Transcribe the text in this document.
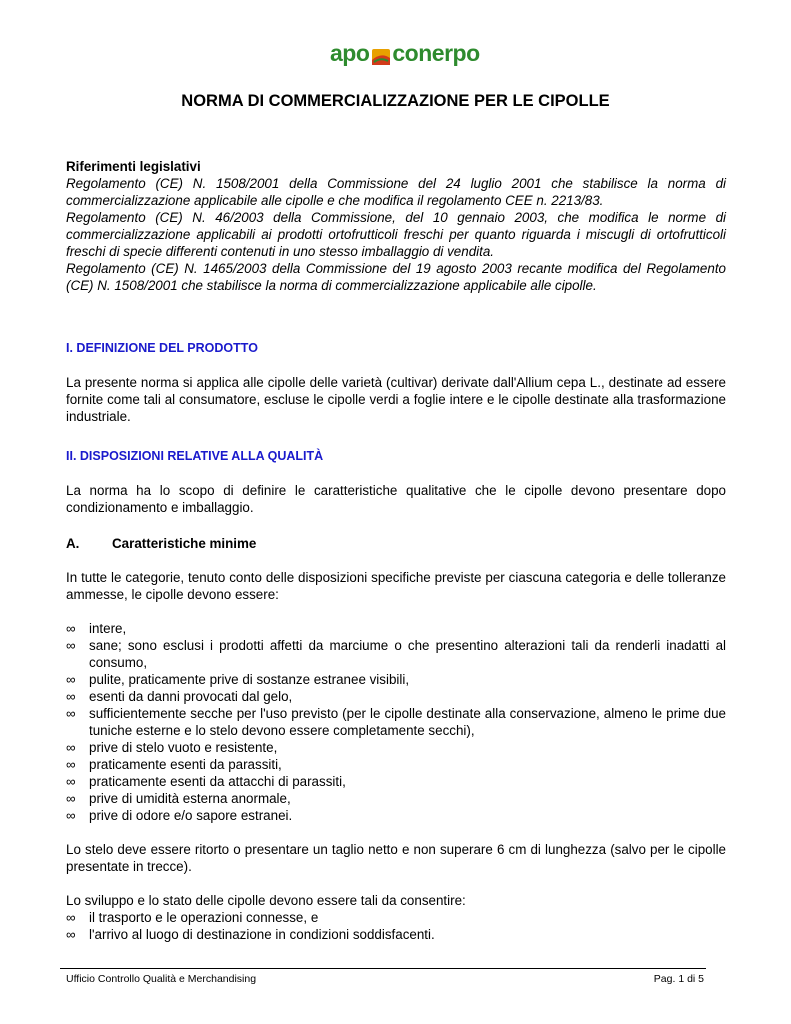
apo conerpo
NORMA DI COMMERCIALIZZAZIONE PER LE CIPOLLE

Riferimenti legislativi

Regolamento (CE) N. 1508/2001 della Commissione del 24 luglio 2001 che stabilisce la norma di commercializzazione applicabile alle cipolle e che modifica il regolamento CEE n. 2213/83.
Regolamento (CE) N. 46/2003 della Commissione, del 10 gennaio 2003, che modifica le norme di commercializzazione applicabili ai prodotti ortofrutticoli freschi per quanto riguarda i miscugli di ortofrutticoli freschi di specie differenti contenuti in uno stesso imballaggio di vendita.
Regolamento (CE) N. 1465/2003 della Commissione del 19 agosto 2003 recante modifica del Regolamento (CE) N. 1508/2001 che stabilisce la norma di commercializzazione applicabile alle cipolle.

I. DEFINIZIONE DEL PRODOTTO

La presente norma si applica alle cipolle delle varietà (cultivar) derivate dall'Allium cepa L., destinate ad essere fornite come tali al consumatore, escluse le cipolle verdi a foglie intere e le cipolle destinate alla trasformazione industriale.

II. DISPOSIZIONI RELATIVE ALLA QUALITÀ

La norma ha lo scopo di definire le caratteristiche qualitative che le cipolle devono presentare dopo condizionamento e imballaggio.

A.	Caratteristiche minime

In tutte le categorie, tenuto conto delle disposizioni specifiche previste per ciascuna categoria e delle tolleranze ammesse, le cipolle devono essere:

∞ intere,
∞ sane; sono esclusi i prodotti affetti da marciume o che presentino alterazioni tali da renderli inadatti al consumo,
∞ pulite, praticamente prive di sostanze estranee visibili,
∞ esenti da danni provocati dal gelo,
∞ sufficientemente secche per l'uso previsto (per le cipolle destinate alla conservazione, almeno le prime due tuniche esterne e lo stelo devono essere completamente secchi),
∞ prive di stelo vuoto e resistente,
∞ praticamente esenti da parassiti,
∞ praticamente esenti da attacchi di parassiti,
∞ prive di umidità esterna anormale,
∞ prive di odore e/o sapore estranei.

Lo stelo deve essere ritorto o presentare un taglio netto e non superare 6 cm di lunghezza (salvo per le cipolle presentate in trecce).

Lo sviluppo e lo stato delle cipolle devono essere tali da consentire:

∞ il trasporto e le operazioni connesse, e
∞ l'arrivo al luogo di destinazione in condizioni soddisfacenti.
Ufficio Controllo Qualità e Merchandising	Pag. 1 di 5
